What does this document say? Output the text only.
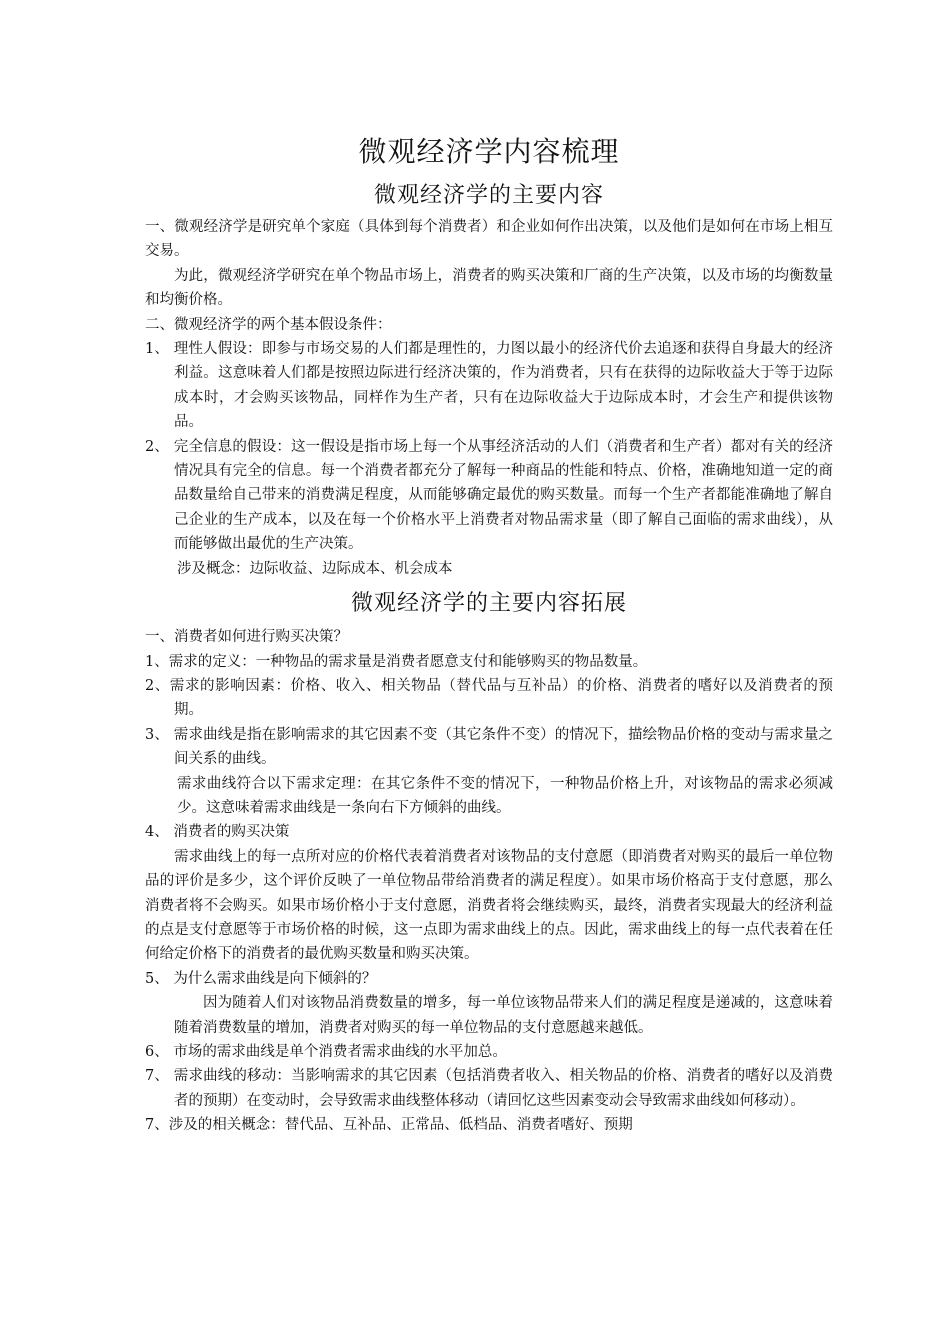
微观经济学内容梳理
微观经济学的主要内容

一、微观经济学是研究单个家庭（具体到每个消费者）和企业如何作出决策，以及他们是如何在市场上相互交易。

为此，微观经济学研究在单个物品市场上，消费者的购买决策和厂商的生产决策，以及市场的均衡数量和均衡价格。

二、微观经济学的两个基本假设条件：

1、 理性人假设：即参与市场交易的人们都是理性的，力图以最小的经济代价去追逐和获得自身最大的经济利益。这意味着人们都是按照边际进行经济决策的，作为消费者，只有在获得的边际收益大于等于边际成本时，才会购买该物品，同样作为生产者，只有在边际收益大于边际成本时，才会生产和提供该物品。

2、 完全信息的假设：这一假设是指市场上每一个从事经济活动的人们（消费者和生产者）都对有关的经济情况具有完全的信息。每一个消费者都充分了解每一种商品的性能和特点、价格，准确地知道一定的商品数量给自己带来的消费满足程度，从而能够确定最优的购买数量。而每一个生产者都能准确地了解自己企业的生产成本，以及在每一个价格水平上消费者对物品需求量（即了解自己面临的需求曲线），从而能够做出最优的生产决策。

涉及概念：边际收益、边际成本、机会成本

微观经济学的主要内容拓展

一、消费者如何进行购买决策？

1、需求的定义：一种物品的需求量是消费者愿意支付和能够购买的物品数量。

2、需求的影响因素：价格、收入、相关物品（替代品与互补品）的价格、消费者的嗜好以及消费者的预期。

3、 需求曲线是指在影响需求的其它因素不变（其它条件不变）的情况下，描绘物品价格的变动与需求量之间关系的曲线。

需求曲线符合以下需求定理：在其它条件不变的情况下，一种物品价格上升，对该物品的需求必须减少。这意味着需求曲线是一条向右下方倾斜的曲线。

4、 消费者的购买决策

需求曲线上的每一点所对应的价格代表着消费者对该物品的支付意愿（即消费者对购买的最后一单位物品的评价是多少，这个评价反映了一单位物品带给消费者的满足程度）。如果市场价格高于支付意愿，那么消费者将不会购买。如果市场价格小于支付意愿，消费者将会继续购买，最终，消费者实现最大的经济利益的点是支付意愿等于市场价格的时候，这一点即为需求曲线上的点。因此，需求曲线上的每一点代表着在任何给定价格下的消费者的最优购买数量和购买决策。

5、 为什么需求曲线是向下倾斜的？

因为随着人们对该物品消费数量的增多，每一单位该物品带来人们的满足程度是递减的，这意味着随着消费数量的增加，消费者对购买的每一单位物品的支付意愿越来越低。

6、 市场的需求曲线是单个消费者需求曲线的水平加总。

7、 需求曲线的移动：当影响需求的其它因素（包括消费者收入、相关物品的价格、消费者的嗜好以及消费者的预期）在变动时，会导致需求曲线整体移动（请回忆这些因素变动会导致需求曲线如何移动）。

7、涉及的相关概念：替代品、互补品、正常品、低档品、消费者嗜好、预期
